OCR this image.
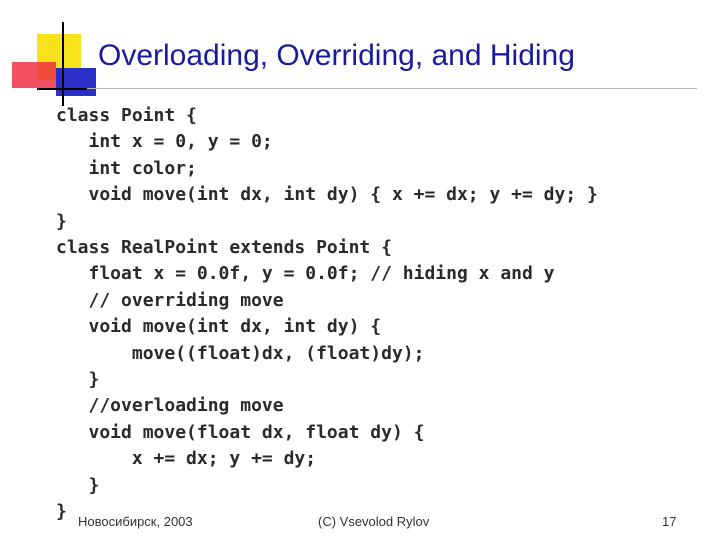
Overloading, Overriding, and Hiding
class Point {
int x = 0, y = 0;
int color;
void move(int dx, int dy) { x += dx; y += dy; }
}
class RealPoint extends Point {
float x = 0.0f, y = 0.0f; // hiding x and y
// overriding move
void move(int dx, int dy) {
move((float)dx, (float)dy);
}
//overloading move
void move(float dx, float dy) {
x += dx; y += dy;
}
} Новосибирск, 2003	(C) Vsevolod Rylov	17
